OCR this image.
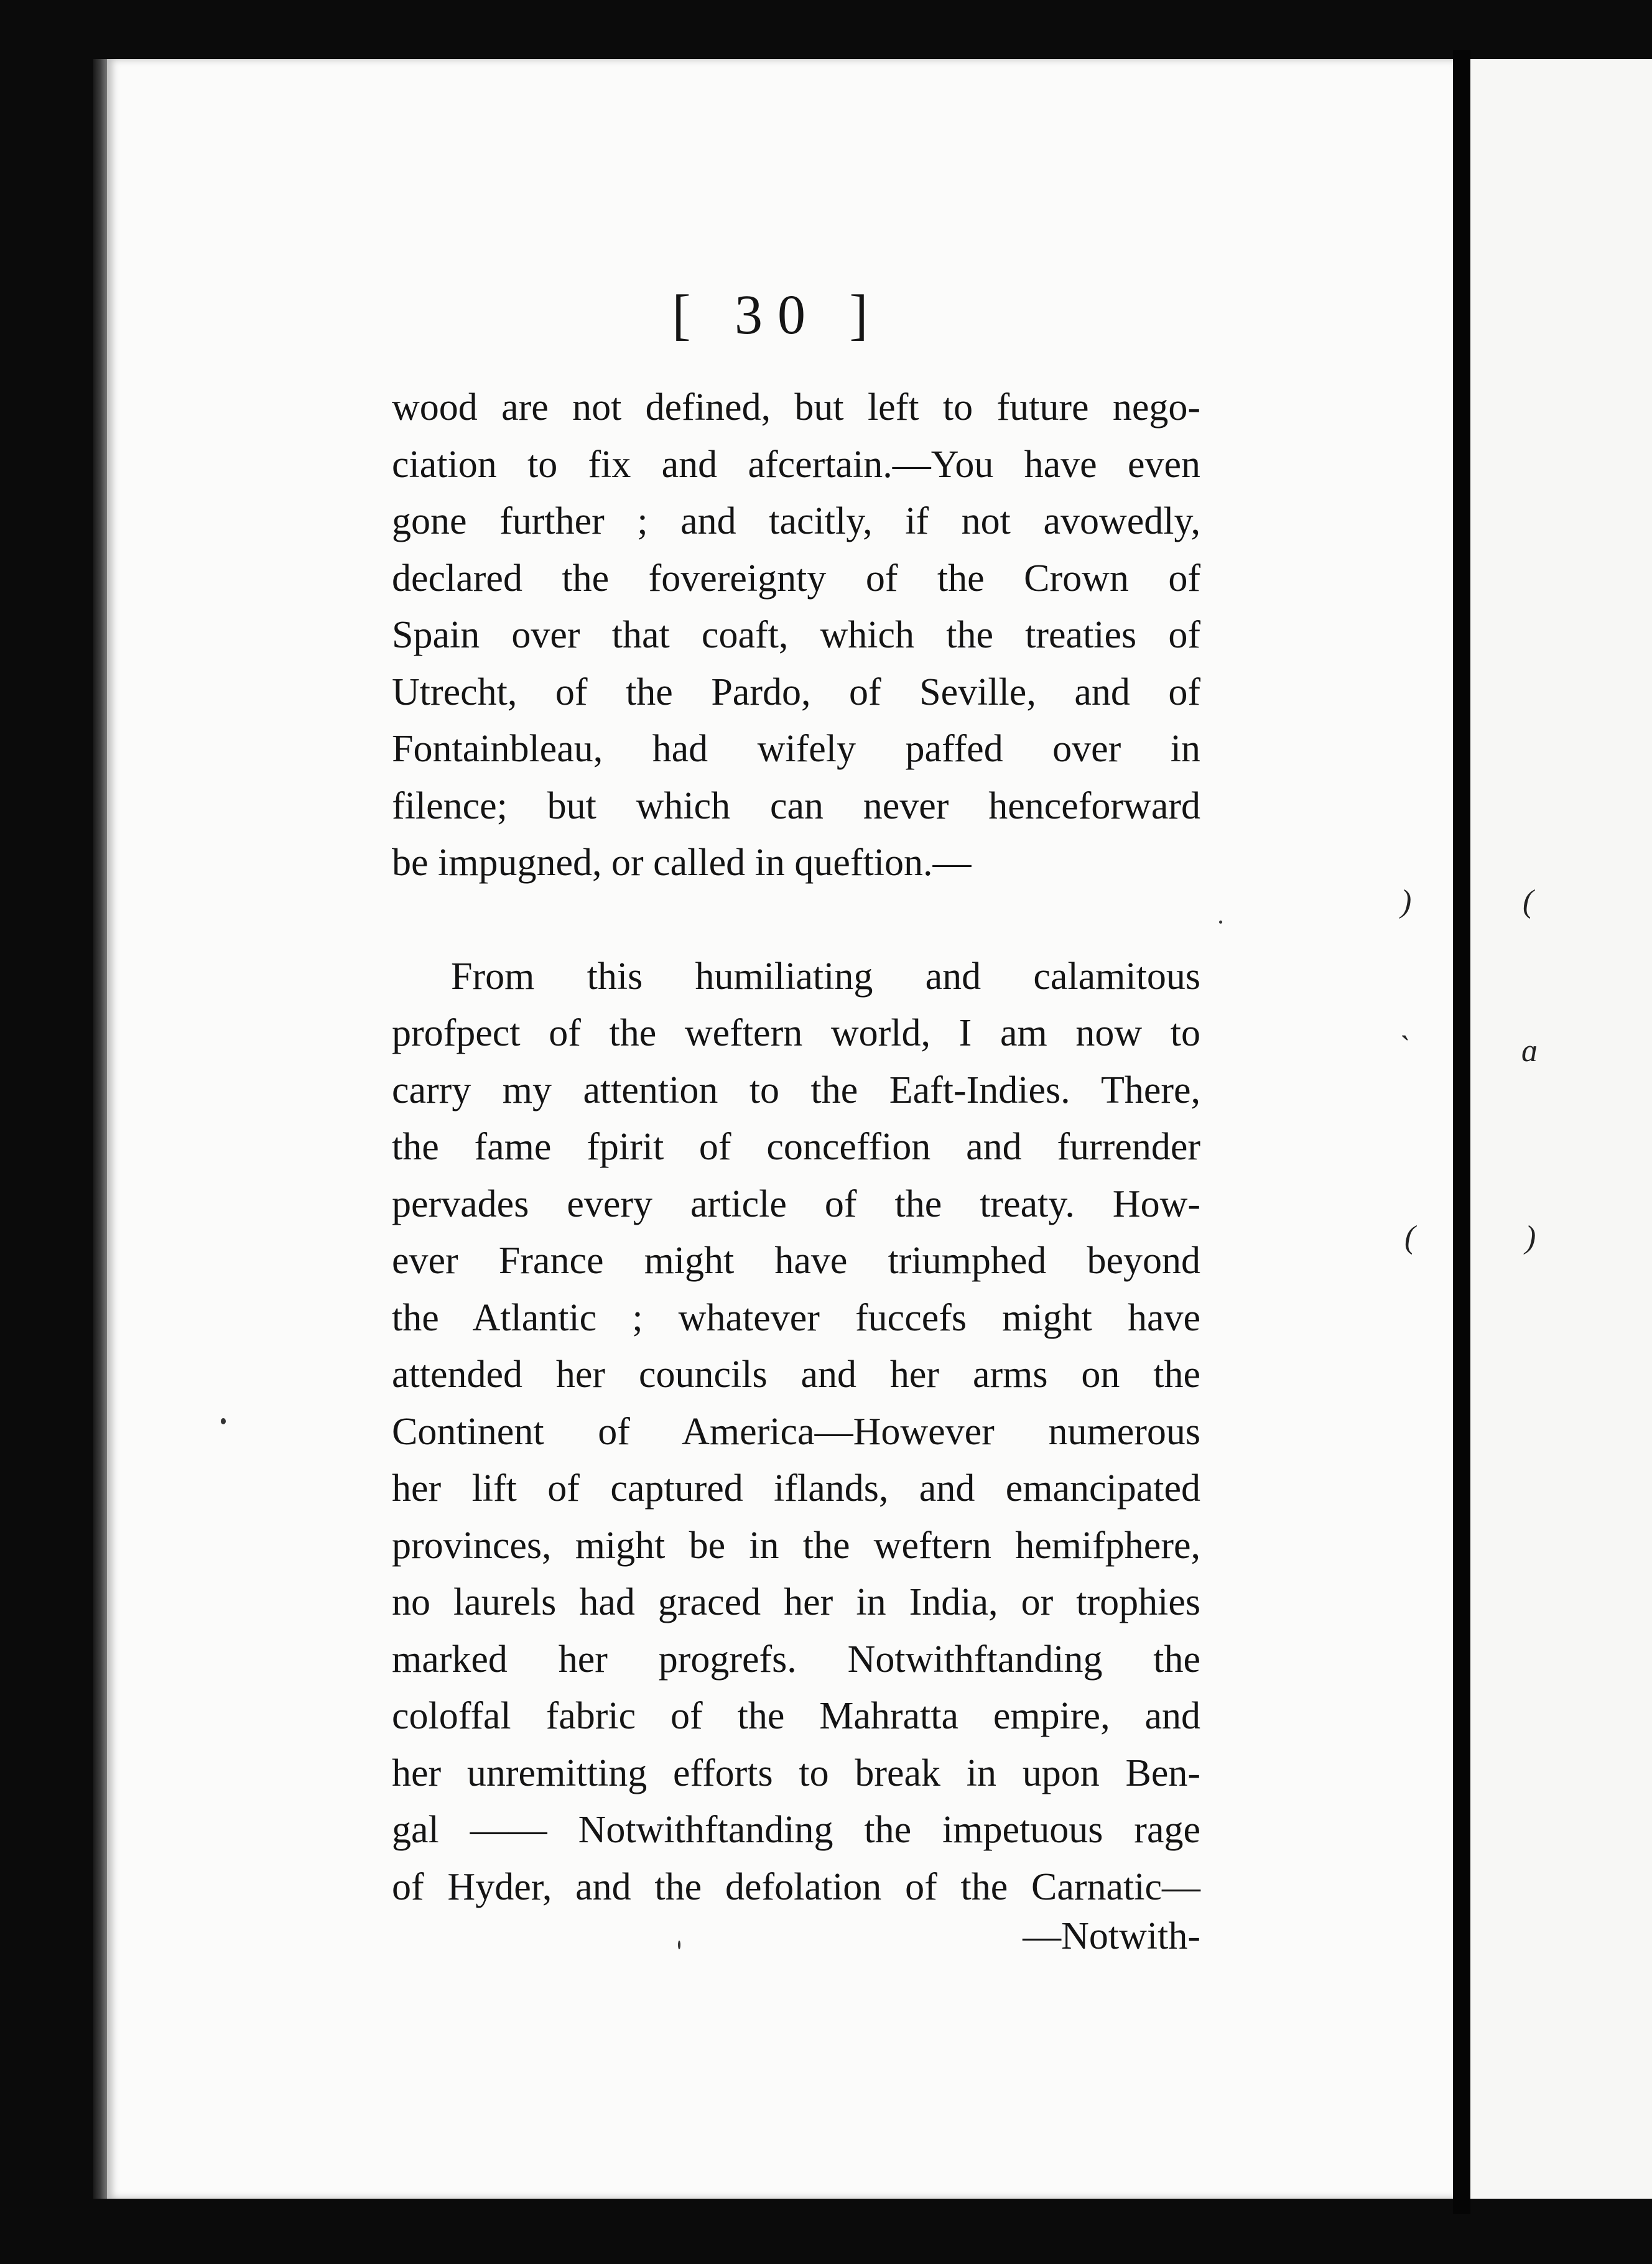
)	(
ˋ	ɑ
(	)
[ 30 ]
wood are not defined, but left to future nego-
ciation to fix and afcertain.—You have even
gone further ; and tacitly, if not avowedly,
declared the fovereignty of the Crown of
Spain over that coaft, which the treaties of
Utrecht, of the Pardo, of Seville, and of
Fontainbleau, had wifely paffed over in
filence; but which can never henceforward
be impugned, or called in queftion.—
From this humiliating and calamitous
profpect of the weftern world, I am now to
carry my attention to the Eaft-Indies. There,
the fame fpirit of conceffion and furrender
pervades every article of the treaty. How-
ever France might have triumphed beyond
the Atlantic ; whatever fuccefs might have
attended her councils and her arms on the
Continent of America—However numerous
her lift of captured iflands, and emancipated
provinces, might be in the weftern hemifphere,
no laurels had graced her in India, or trophies
marked her progrefs. Notwithftanding the
coloffal fabric of the Mahratta empire, and
her unremitting efforts to break in upon Ben-
gal —— Notwithftanding the impetuous rage
of Hyder, and the defolation of the Carnatic—
—Notwith-
